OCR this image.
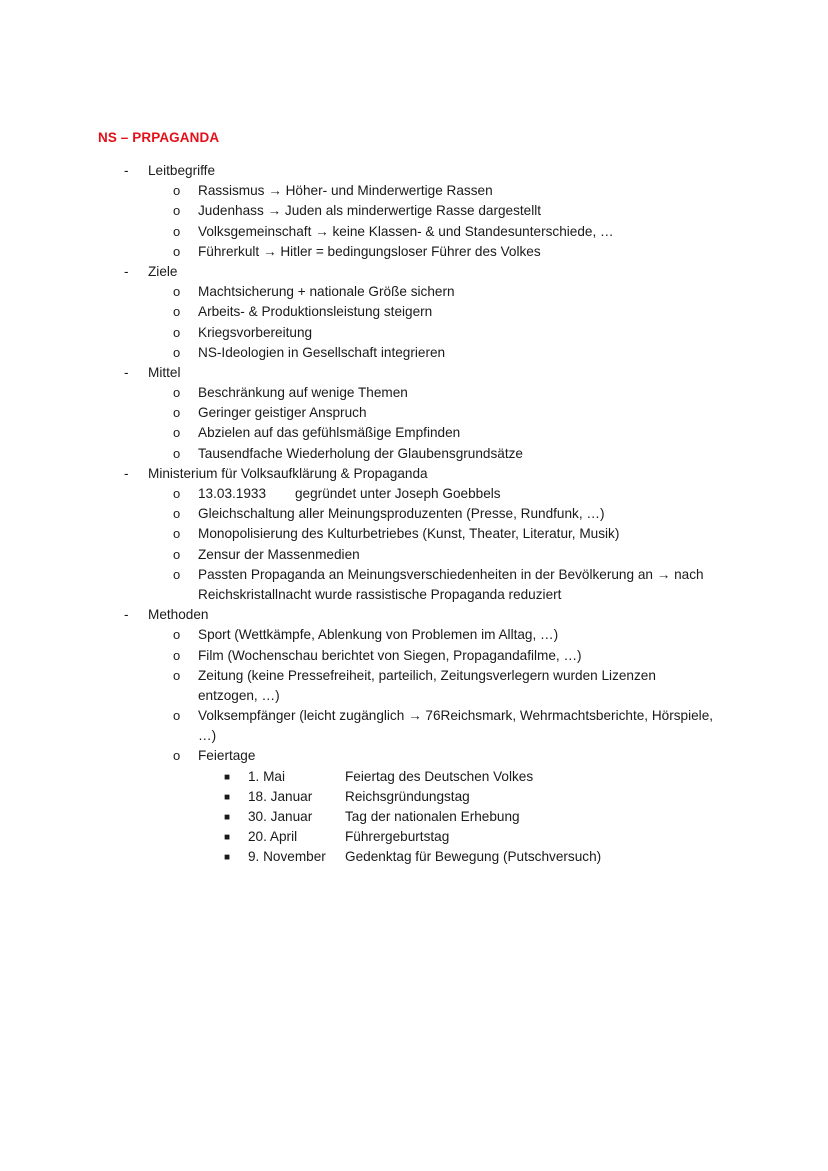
NS – PRPAGANDA
- Leitbegriffe
o Rassismus → Höher- und Minderwertige Rassen
o Judenhass → Juden als minderwertige Rasse dargestellt
o Volksgemeinschaft → keine Klassen- & und Standesunterschiede, …
o Führerkult → Hitler = bedingungsloser Führer des Volkes
- Ziele
o Machtsicherung + nationale Größe sichern
o Arbeits- & Produktionsleistung steigern
o Kriegsvorbereitung
o NS-Ideologien in Gesellschaft integrieren
- Mittel
o Beschränkung auf wenige Themen
o Geringer geistiger Anspruch
o Abzielen auf das gefühlsmäßige Empfinden
o Tausendfache Wiederholung der Glaubensgrundsätze
- Ministerium für Volksaufklärung & Propaganda
o 13.03.1933 gegründet unter Joseph Goebbels
o Gleichschaltung aller Meinungsproduzenten (Presse, Rundfunk, …)
o Monopolisierung des Kulturbetriebes (Kunst, Theater, Literatur, Musik)
o Zensur der Massenmedien
o Passten Propaganda an Meinungsverschiedenheiten in der Bevölkerung an → nach
Reichskristallnacht wurde rassistische Propaganda reduziert
- Methoden
o Sport (Wettkämpfe, Ablenkung von Problemen im Alltag, …)
o Film (Wochenschau berichtet von Siegen, Propagandafilme, …)
o Zeitung (keine Pressefreiheit, parteilich, Zeitungsverlegern wurden Lizenzen
entzogen, …)
o Volksempfänger (leicht zugänglich → 76Reichsmark, Wehrmachtsberichte, Hörspiele,
…)
o Feiertage
■ 1. Mai	Feiertag des Deutschen Volkes
■ 18. Januar Reichsgründungstag
■ 30. Januar Tag der nationalen Erhebung
■ 20. April	Führergeburtstag
■ 9. November Gedenktag für Bewegung (Putschversuch)
